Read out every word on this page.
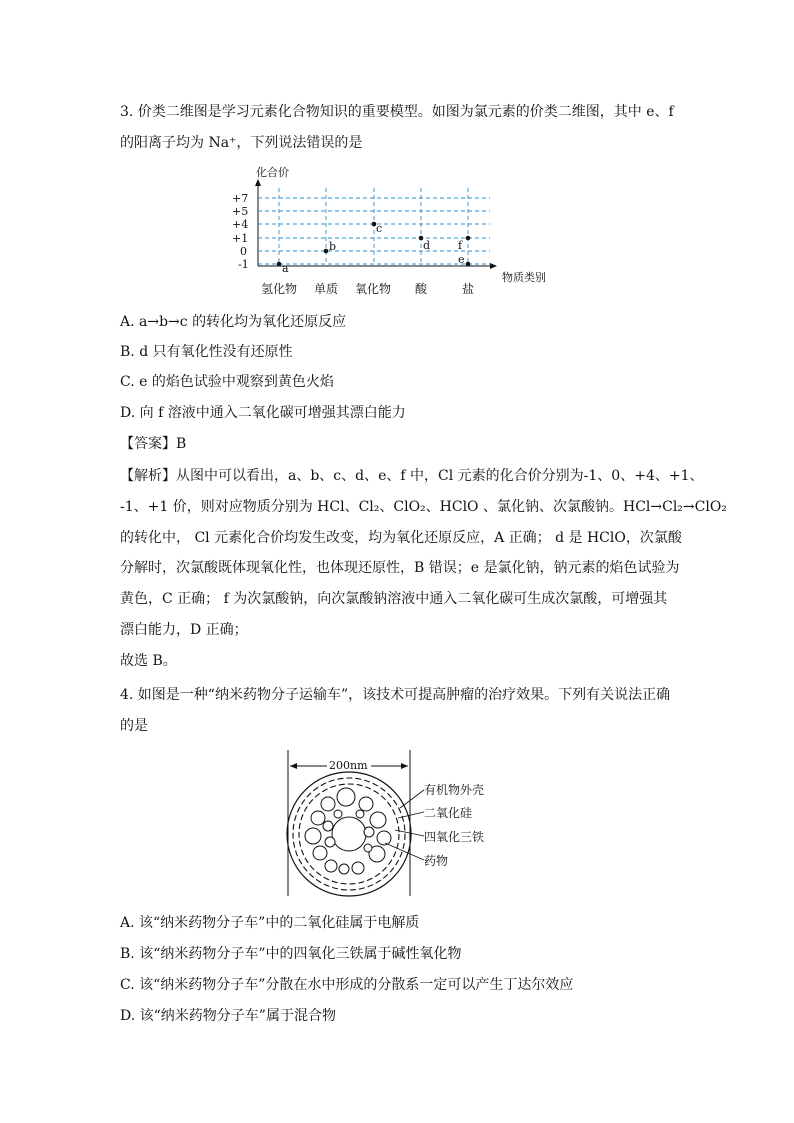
3. 价类二维图是学习元素化合物知识的重要模型。如图为氯元素的价类二维图，其中 e、f
的阳离子均为 Na⁺，下列说法错误的是
化合价
物质类别
+7
+5
+4
+1
0
-1
氢化物 单质 氧化物 酸	盐
a
b
c
d
e
f
A. a→b→c 的转化均为氧化还原反应
B. d 只有氧化性没有还原性
C. e 的焰色试验中观察到黄色火焰
D. 向 f 溶液中通入二氧化碳可增强其漂白能力
【答案】B
【解析】从图中可以看出，a、b、c、d、e、f 中，Cl 元素的化合价分别为-1、0、+4、+1、
-1、+1 价，则对应物质分别为 HCl、Cl₂、ClO₂、HClO 、氯化钠、次氯酸钠。HCl→Cl₂→ClO₂
的转化中， Cl 元素化合价均发生改变，均为氧化还原反应，A 正确； d 是 HClO，次氯酸
分解时，次氯酸既体现氧化性，也体现还原性，B 错误；e 是氯化钠，钠元素的焰色试验为
黄色，C 正确； f 为次氯酸钠，向次氯酸钠溶液中通入二氧化碳可生成次氯酸，可增强其
漂白能力，D 正确；
故选 B。
4. 如图是一种“纳米药物分子运输车”，该技术可提高肿瘤的治疗效果。下列有关说法正确
的是
200nm
有机物外壳
二氧化硅
四氧化三铁
药物
A. 该“纳米药物分子车”中的二氧化硅属于电解质
B. 该“纳米药物分子车”中的四氧化三铁属于碱性氧化物
C. 该“纳米药物分子车”分散在水中形成的分散系一定可以产生丁达尔效应
D. 该“纳米药物分子车”属于混合物
